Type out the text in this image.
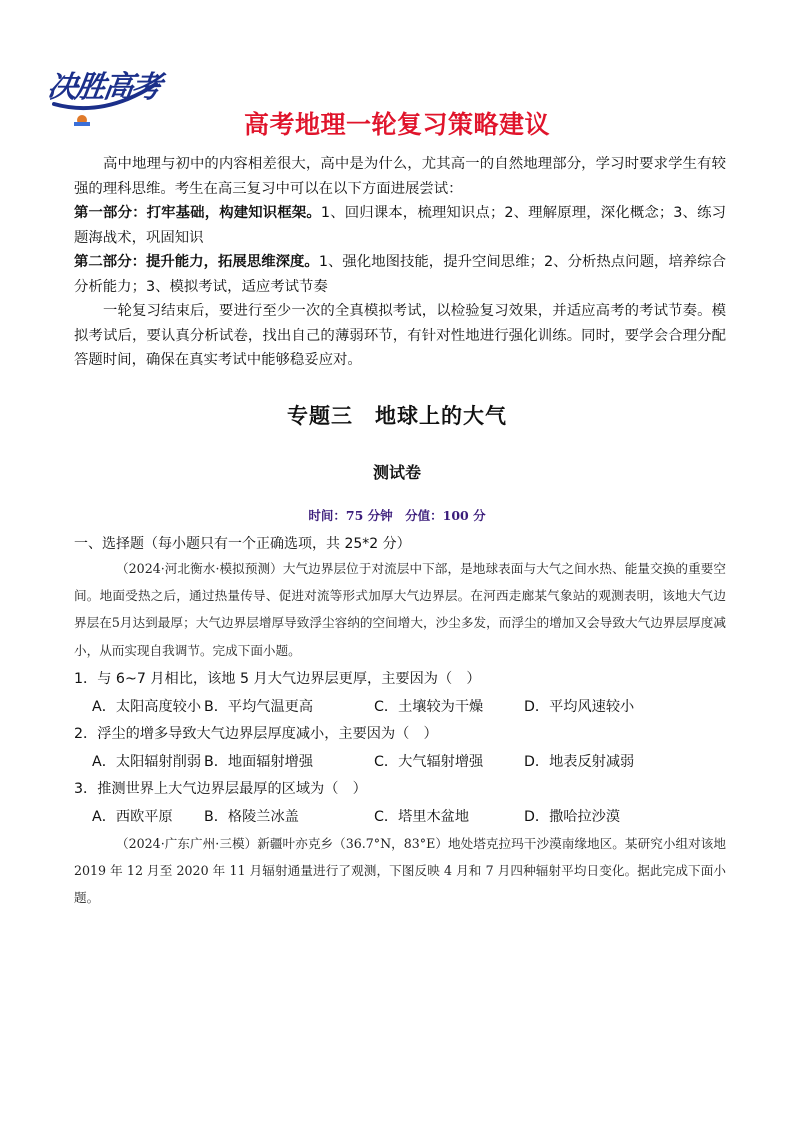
决胜高考
高考地理一轮复习策略建议
高中地理与初中的内容相差很大，高中是为什么，尤其高一的自然地理部分，学习时要求学生有较强的理科思维。考生在高三复习中可以在以下方面进展尝试：
第一部分：打牢基础，构建知识框架。1、回归课本，梳理知识点；2、理解原理，深化概念；3、练习题海战术，巩固知识
第二部分：提升能力，拓展思维深度。1、强化地图技能，提升空间思维；2、分析热点问题，培养综合分析能力；3、模拟考试，适应考试节奏
一轮复习结束后，要进行至少一次的全真模拟考试，以检验复习效果，并适应高考的考试节奏。模拟考试后，要认真分析试卷，找出自己的薄弱环节，有针对性地进行强化训练。同时，要学会合理分配答题时间，确保在真实考试中能够稳妥应对。
专题三　地球上的大气
测试卷
时间：75 分钟　分值：100 分
一、选择题（每小题只有一个正确选项，共 25*2 分）
（2024·河北衡水·模拟预测）大气边界层位于对流层中下部，是地球表面与大气之间水热、能量交换的重要空间。地面受热之后，通过热量传导、促进对流等形式加厚大气边界层。在河西走廊某气象站的观测表明，该地大气边界层在5月达到最厚；大气边界层增厚导致浮尘容纳的空间增大，沙尘多发，而浮尘的增加又会导致大气边界层厚度减小，从而实现自我调节。完成下面小题。
1．与 6~7 月相比，该地 5 月大气边界层更厚，主要因为（　）
A．太阳高度较小 B．平均气温更高	C．土壤较为干燥	D．平均风速较小
2．浮尘的增多导致大气边界层厚度减小，主要因为（　）
A．太阳辐射削弱 B．地面辐射增强	C．大气辐射增强	D．地表反射减弱
3．推测世界上大气边界层最厚的区域为（　）
A．西欧平原 B．格陵兰冰盖	C．塔里木盆地	D．撒哈拉沙漠
（2024·广东广州·三模）新疆叶亦克乡（36.7°N，83°E）地处塔克拉玛干沙漠南缘地区。某研究小组对该地 2019 年 12 月至 2020 年 11 月辐射通量进行了观测，下图反映 4 月和 7 月四种辐射平均日变化。据此完成下面小题。
